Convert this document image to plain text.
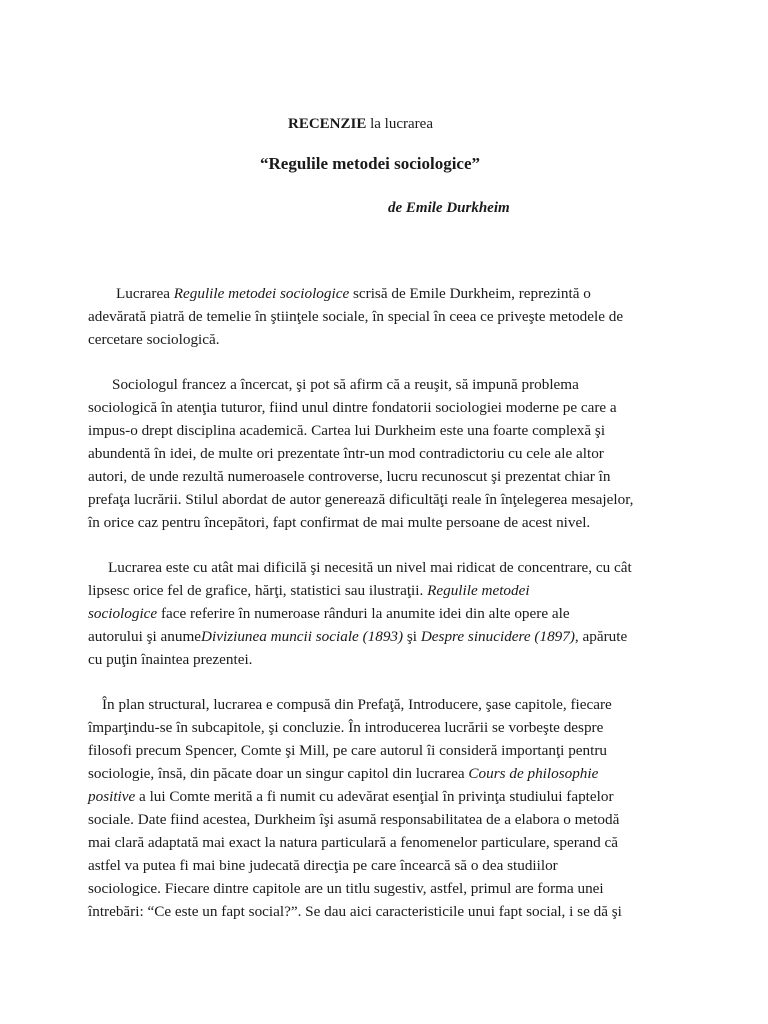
RECENZIE la lucrarea
“Regulile metodei sociologice”
de Emile Durkheim
Lucrarea Regulile metodei sociologice scrisă de Emile Durkheim, reprezintă o
adevărată piatră de temelie în ştiinţele sociale, în special în ceea ce priveşte metodele de
cercetare sociologică.
Sociologul francez a încercat, şi pot să afirm că a reuşit, să impună problema
sociologică în atenţia tuturor, fiind unul dintre fondatorii sociologiei moderne pe care a
impus-o drept disciplina academică. Cartea lui Durkheim este una foarte complexă şi
abundentă în idei, de multe ori prezentate într-un mod contradictoriu cu cele ale altor
autori, de unde rezultă numeroasele controverse, lucru recunoscut şi prezentat chiar în
prefaţa lucrării. Stilul abordat de autor generează dificultăţi reale în înţelegerea mesajelor,
în orice caz pentru începători, fapt confirmat de mai multe persoane de acest nivel.
Lucrarea este cu atât mai dificilă şi necesită un nivel mai ridicat de concentrare, cu cât
lipsesc orice fel de grafice, hărţi, statistici sau ilustraţii. Regulile metodei
sociologice face referire în numeroase rânduri la anumite idei din alte opere ale
autorului şi anumeDiviziunea muncii sociale (1893) şi Despre sinucidere (1897), apărute
cu puţin înaintea prezentei.
În plan structural, lucrarea e compusă din Prefaţă, Introducere, şase capitole, fiecare
împarţindu-se în subcapitole, şi concluzie. În introducerea lucrării se vorbeşte despre
filosofi precum Spencer, Comte şi Mill, pe care autorul îi consideră importanţi pentru
sociologie, însă, din păcate doar un singur capitol din lucrarea Cours de philosophie
positive a lui Comte merită a fi numit cu adevărat esenţial în privinţa studiului faptelor
sociale. Date fiind acestea, Durkheim îşi asumă responsabilitatea de a elabora o metodă
mai clară adaptată mai exact la natura particulară a fenomenelor particulare, sperand că
astfel va putea fi mai bine judecată direcţia pe care încearcă să o dea studiilor
sociologice. Fiecare dintre capitole are un titlu sugestiv, astfel, primul are forma unei
întrebări: “Ce este un fapt social?”. Se dau aici caracteristicile unui fapt social, i se dă şi
